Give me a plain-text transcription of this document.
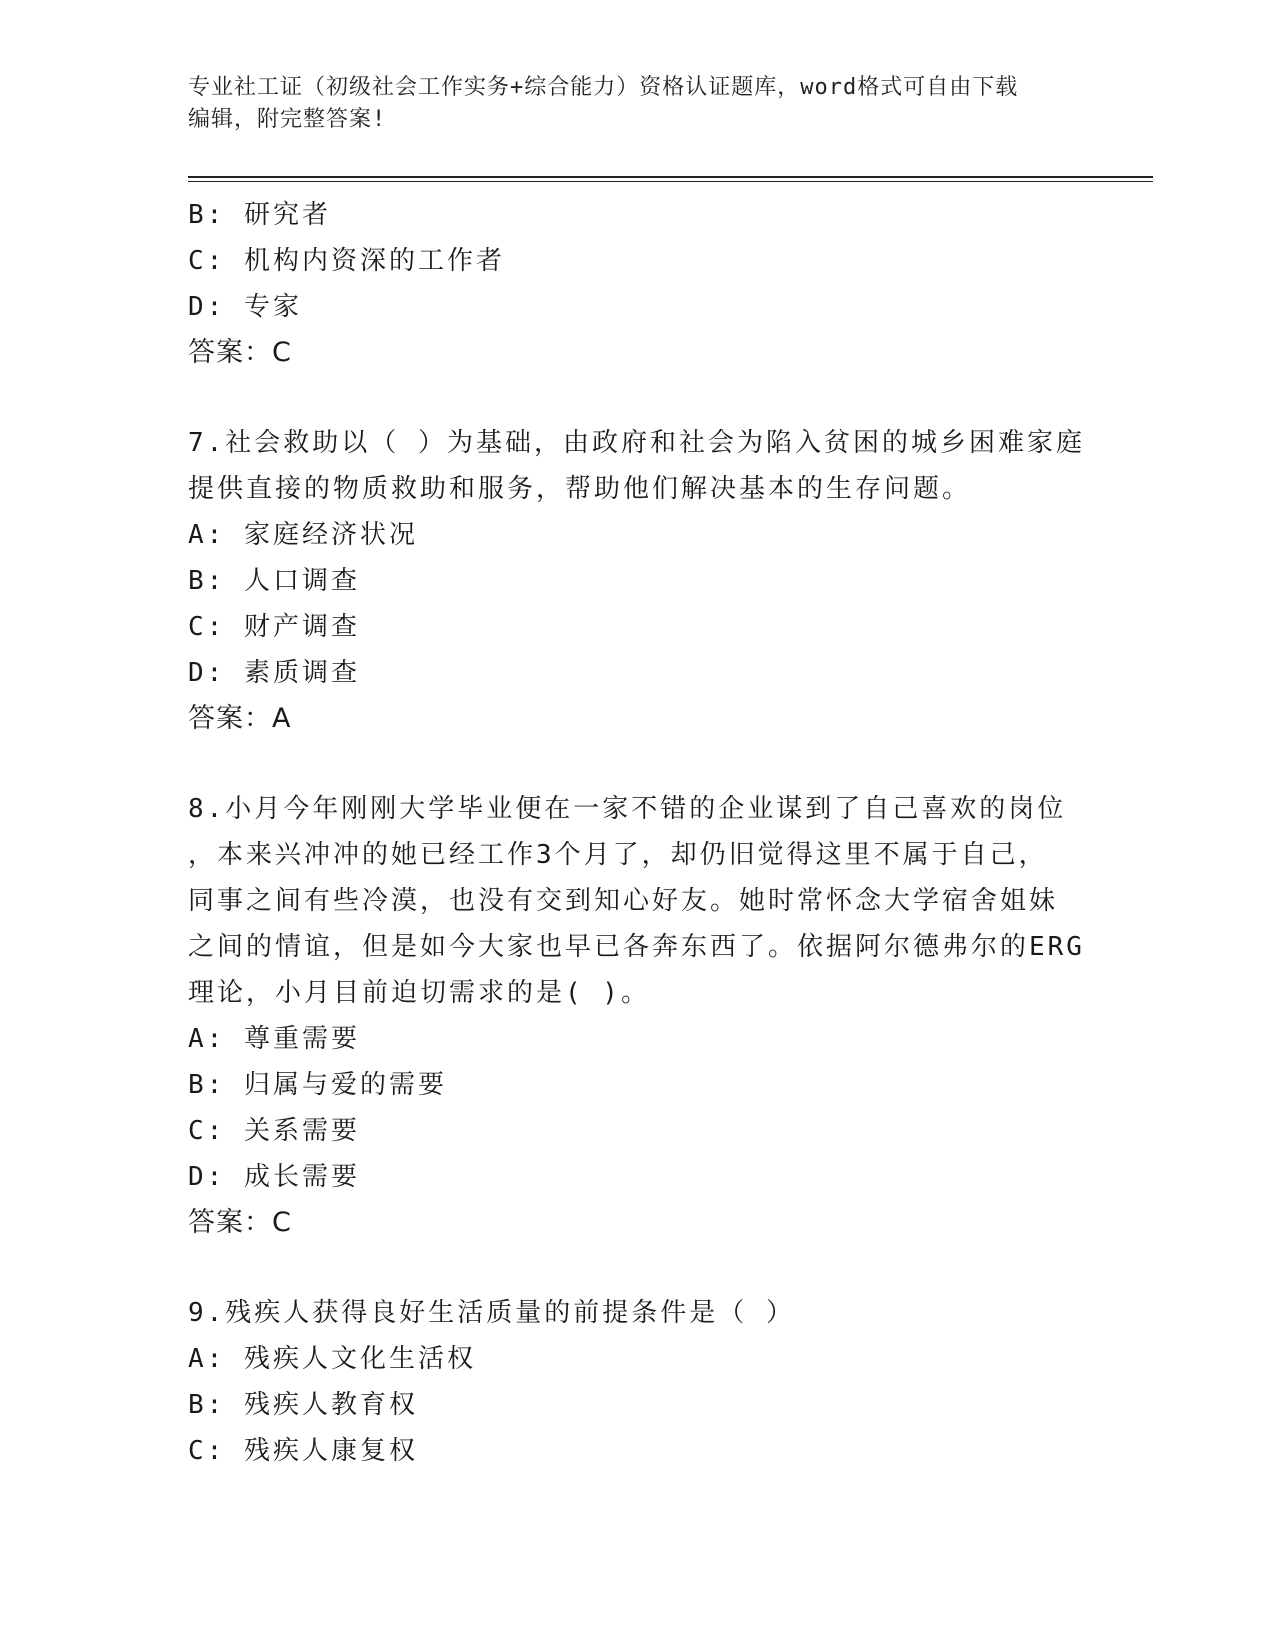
专业社工证（初级社会工作实务+综合能力）资格认证题库，word格式可自由下载
编辑，附完整答案!
B: 研究者
C: 机构内资深的工作者
D: 专家
答案：C
7.社会救助以（ ）为基础，由政府和社会为陷入贫困的城乡困难家庭
提供直接的物质救助和服务，帮助他们解决基本的生存问题。
A: 家庭经济状况
B: 人口调查
C: 财产调查
D: 素质调查
答案：A
8.小月今年刚刚大学毕业便在一家不错的企业谋到了自己喜欢的岗位
，本来兴冲冲的她已经工作3个月了，却仍旧觉得这里不属于自己，
同事之间有些冷漠，也没有交到知心好友。她时常怀念大学宿舍姐妹
之间的情谊，但是如今大家也早已各奔东西了。依据阿尔德弗尔的ERG
理论，小月目前迫切需求的是( )。
A: 尊重需要
B: 归属与爱的需要
C: 关系需要
D: 成长需要
答案：C
9.残疾人获得良好生活质量的前提条件是（ ）
A: 残疾人文化生活权
B: 残疾人教育权
C: 残疾人康复权
